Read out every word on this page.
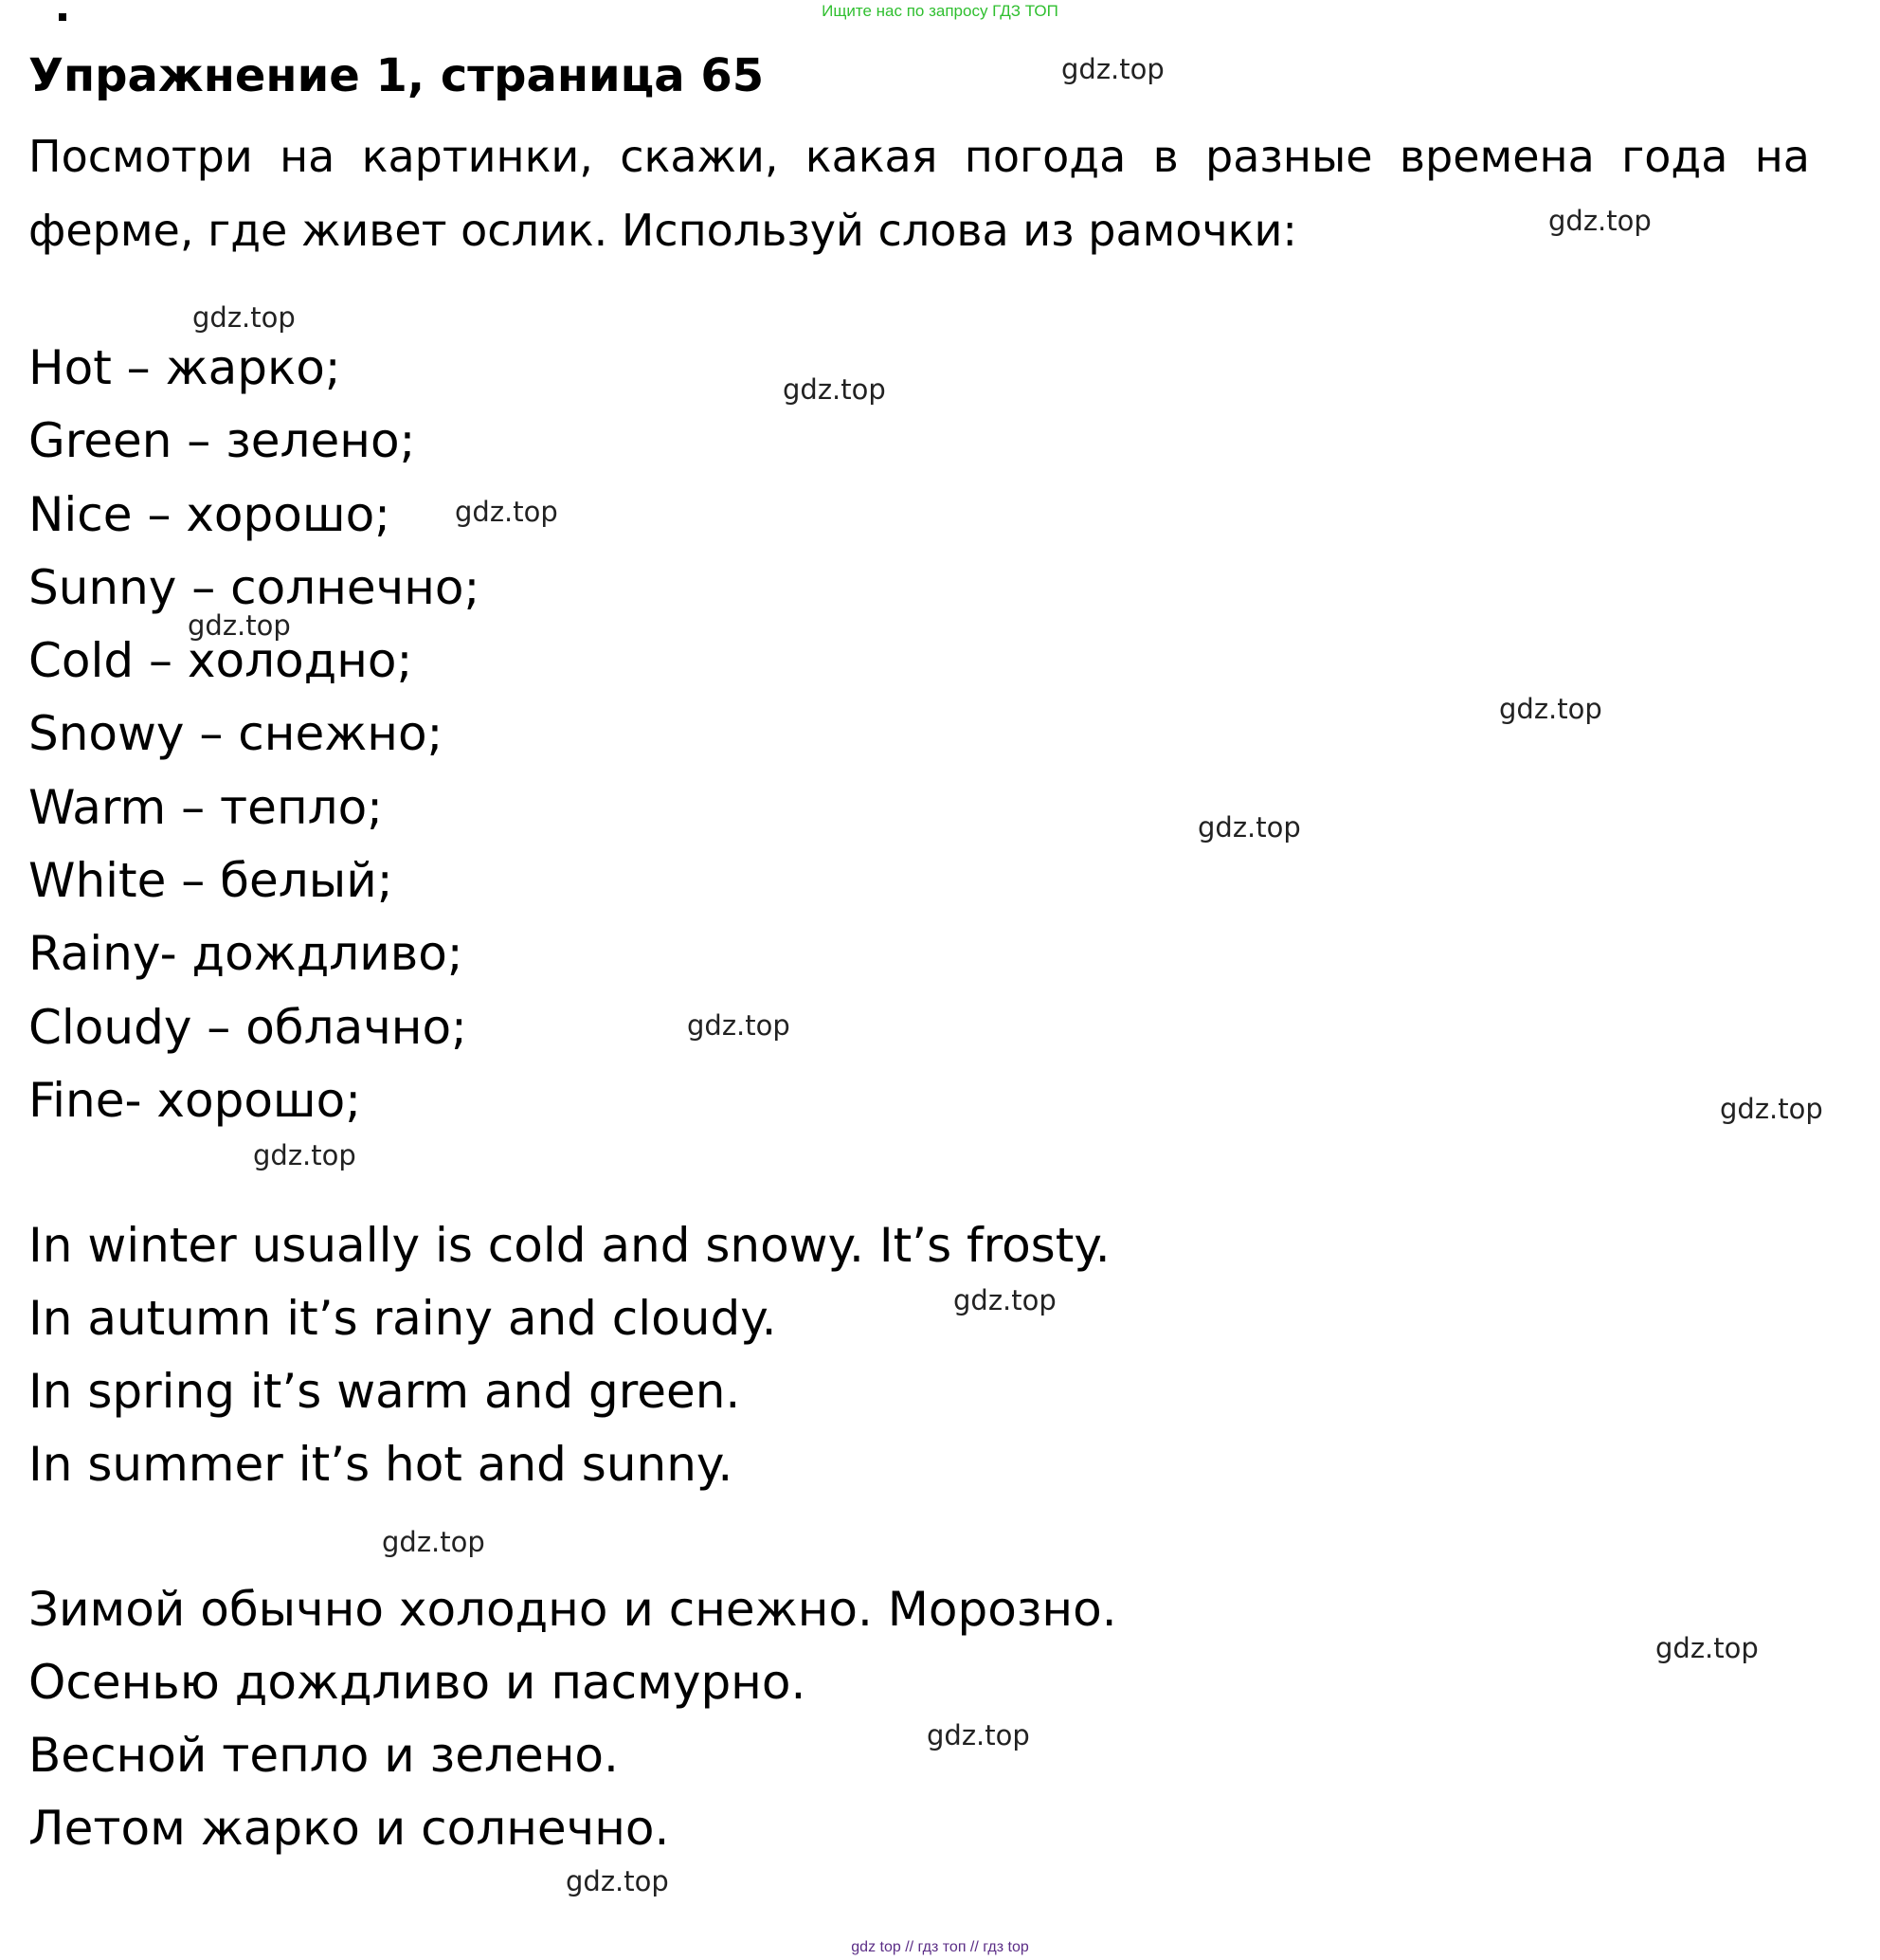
Ищите нас по запросу ГДЗ ТОП
Упражнение 1, страница 65

Посмотри на картинки, скажи, какая погода в разные времена года на ферме, где живет ослик. Используй слова из рамочки:

Hot – жарко;
Green – зелено;
Nice – хорошо;
Sunny – солнечно;
Cold – холодно;
Snowy – снежно;
Warm – тепло;
White – белый;
Rainy- дождливо;
Cloudy – облачно;
Fine- хорошо;
In winter usually is cold and snowy. It’s frosty.
In autumn it’s rainy and cloudy.
In spring it’s warm and green.
In summer it’s hot and sunny.
Зимой обычно холодно и снежно. Морозно.
Осенью дождливо и пасмурно.
Весной тепло и зелено.
Летом жарко и солнечно.
gdz.top
gdz.top
gdz.top
gdz.top
gdz.top
gdz.top
gdz.top
gdz.top
gdz.top
gdz.top
gdz.top
gdz.top
gdz.top
gdz.top
gdz.top
gdz.top
gdz top // гдз топ // гдз top
